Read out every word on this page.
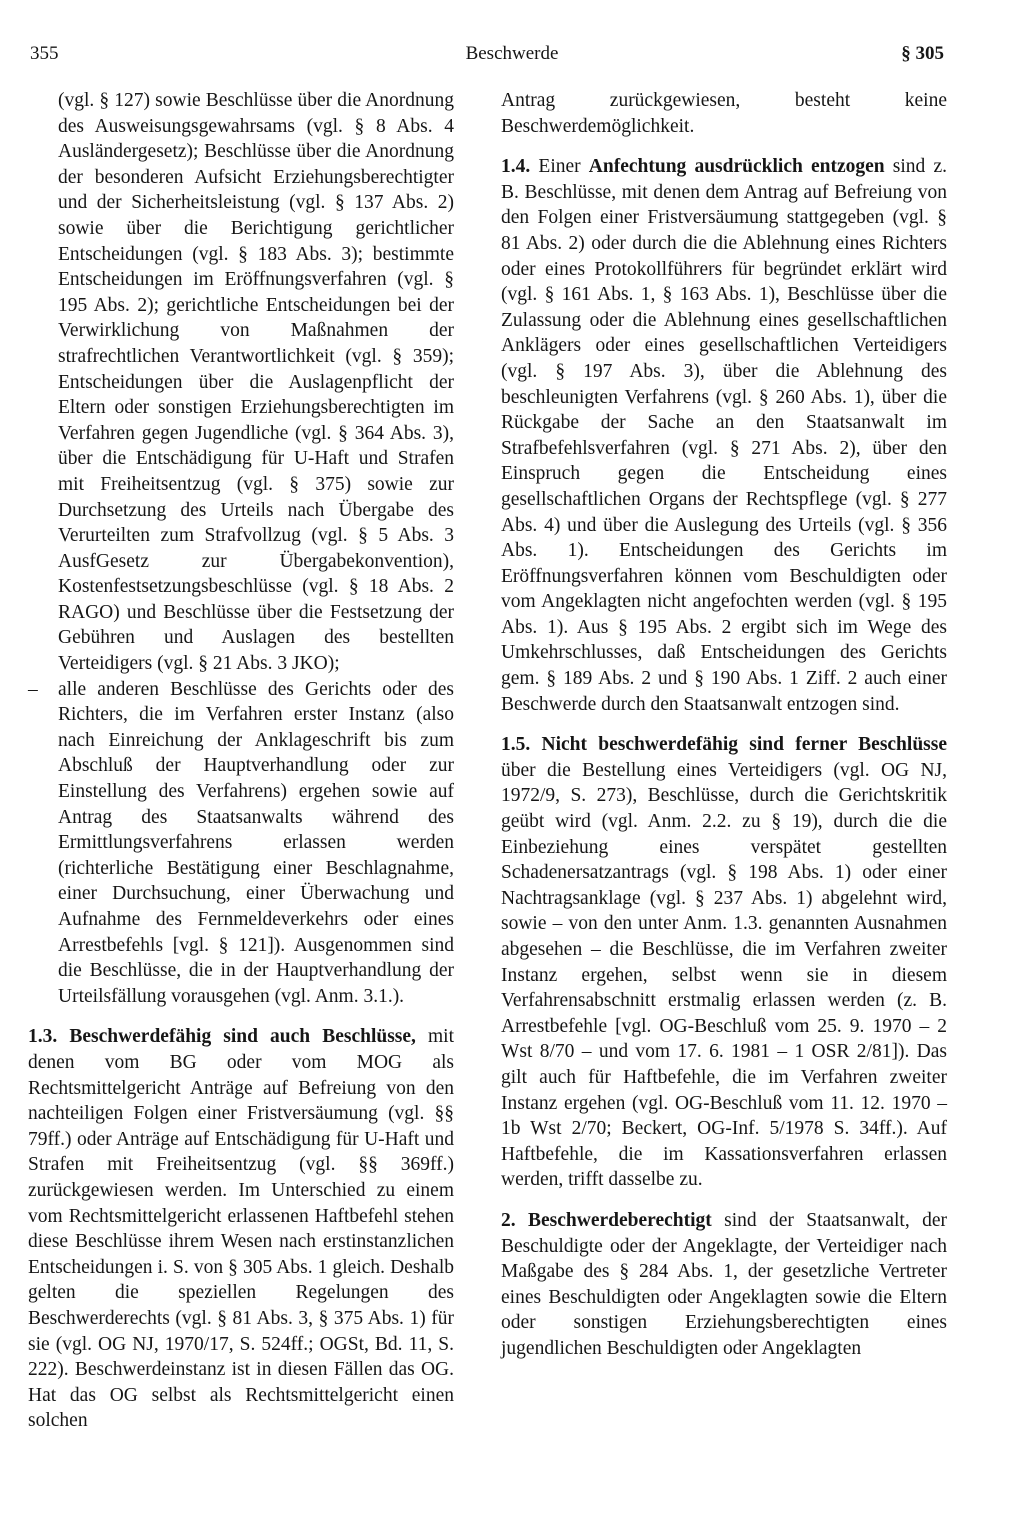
355	Beschwerde	§ 305

(vgl. § 127) sowie Beschlüsse über die Anordnung des Ausweisungsgewahrsams (vgl. § 8 Abs. 4 Ausländergesetz); Beschlüsse über die Anordnung der besonderen Aufsicht Erziehungsberechtigter und der Sicherheitsleistung (vgl. § 137 Abs. 2) sowie über die Berichtigung gerichtlicher Entscheidungen (vgl. § 183 Abs. 3); bestimmte Entscheidungen im Eröffnungsverfahren (vgl. § 195 Abs. 2); gerichtliche Entscheidungen bei der Verwirklichung von Maßnahmen der strafrechtlichen Verantwortlichkeit (vgl. § 359); Entscheidungen über die Auslagenpflicht der Eltern oder sonstigen Erziehungsberechtigten im Verfahren gegen Jugendliche (vgl. § 364 Abs. 3), über die Entschädigung für U-Haft und Strafen mit Freiheitsentzug (vgl. § 375) sowie zur Durchsetzung des Urteils nach Übergabe des Verurteilten zum Strafvollzug (vgl. § 5 Abs. 3 AusfGesetz zur Übergabekonvention), Kostenfestsetzungsbeschlüsse (vgl. § 18 Abs. 2 RAGO) und Beschlüsse über die Festsetzung der Gebühren und Auslagen des bestellten Verteidigers (vgl. § 21 Abs. 3 JKO);

– alle anderen Beschlüsse des Gerichts oder des Richters, die im Verfahren erster Instanz (also nach Einreichung der Anklageschrift bis zum Abschluß der Hauptverhandlung oder zur Einstellung des Verfahrens) ergehen sowie auf Antrag des Staatsanwalts während des Ermittlungsverfahrens erlassen werden (richterliche Bestätigung einer Beschlagnahme, einer Durchsuchung, einer Überwachung und Aufnahme des Fernmeldeverkehrs oder eines Arrestbefehls [vgl. § 121]). Ausgenommen sind die Beschlüsse, die in der Hauptverhandlung der Urteilsfällung vorausgehen (vgl. Anm. 3.1.).

1.3. Beschwerdefähig sind auch Beschlüsse, mit denen vom BG oder vom MOG als Rechtsmittelgericht Anträge auf Befreiung von den nachteiligen Folgen einer Fristversäumung (vgl. §§ 79ff.) oder Anträge auf Entschädigung für U-Haft und Strafen mit Freiheitsentzug (vgl. §§ 369ff.) zurückgewiesen werden. Im Unterschied zu einem vom Rechtsmittelgericht erlassenen Haftbefehl stehen diese Beschlüsse ihrem Wesen nach erstinstanzlichen Entscheidungen i. S. von § 305 Abs. 1 gleich. Deshalb gelten die speziellen Regelungen des Beschwerderechts (vgl. § 81 Abs. 3, § 375 Abs. 1) für sie (vgl. OG NJ, 1970/17, S. 524ff.; OGSt, Bd. 11, S. 222). Beschwerdeinstanz ist in diesen Fällen das OG. Hat das OG selbst als Rechtsmittelgericht einen solchen

Antrag zurückgewiesen, besteht keine Beschwerdemöglichkeit.

1.4. Einer Anfechtung ausdrücklich entzogen sind z. B. Beschlüsse, mit denen dem Antrag auf Befreiung von den Folgen einer Fristversäumung stattgegeben (vgl. § 81 Abs. 2) oder durch die die Ablehnung eines Richters oder eines Protokollführers für begründet erklärt wird (vgl. § 161 Abs. 1, § 163 Abs. 1), Beschlüsse über die Zulassung oder die Ablehnung eines gesellschaftlichen Anklägers oder eines gesellschaftlichen Verteidigers (vgl. § 197 Abs. 3), über die Ablehnung des beschleunigten Verfahrens (vgl. § 260 Abs. 1), über die Rückgabe der Sache an den Staatsanwalt im Strafbefehlsverfahren (vgl. § 271 Abs. 2), über den Einspruch gegen die Entscheidung eines gesellschaftlichen Organs der Rechtspflege (vgl. § 277 Abs. 4) und über die Auslegung des Urteils (vgl. § 356 Abs. 1). Entscheidungen des Gerichts im Eröffnungsverfahren können vom Beschuldigten oder vom Angeklagten nicht angefochten werden (vgl. § 195 Abs. 1). Aus § 195 Abs. 2 ergibt sich im Wege des Umkehrschlusses, daß Entscheidungen des Gerichts gem. § 189 Abs. 2 und § 190 Abs. 1 Ziff. 2 auch einer Beschwerde durch den Staatsanwalt entzogen sind.

1.5. Nicht beschwerdefähig sind ferner Beschlüsse über die Bestellung eines Verteidigers (vgl. OG NJ, 1972/9, S. 273), Beschlüsse, durch die Gerichtskritik geübt wird (vgl. Anm. 2.2. zu § 19), durch die die Einbeziehung eines verspätet gestellten Schadenersatzantrags (vgl. § 198 Abs. 1) oder einer Nachtragsanklage (vgl. § 237 Abs. 1) abgelehnt wird, sowie – von den unter Anm. 1.3. genannten Ausnahmen abgesehen – die Beschlüsse, die im Verfahren zweiter Instanz ergehen, selbst wenn sie in diesem Verfahrensabschnitt erstmalig erlassen werden (z. B. Arrestbefehle [vgl. OG-Beschluß vom 25. 9. 1970 – 2 Wst 8/70 – und vom 17. 6. 1981 – 1 OSR 2/81]). Das gilt auch für Haftbefehle, die im Verfahren zweiter Instanz ergehen (vgl. OG-Beschluß vom 11. 12. 1970 – 1b Wst 2/70; Beckert, OG-Inf. 5/1978 S. 34ff.). Auf Haftbefehle, die im Kassationsverfahren erlassen werden, trifft dasselbe zu.

2. Beschwerdeberechtigt sind der Staatsanwalt, der Beschuldigte oder der Angeklagte, der Verteidiger nach Maßgabe des § 284 Abs. 1, der gesetzliche Vertreter eines Beschuldigten oder Angeklagten sowie die Eltern oder sonstigen Erziehungsberechtigten eines jugendlichen Beschuldigten oder Angeklagten
